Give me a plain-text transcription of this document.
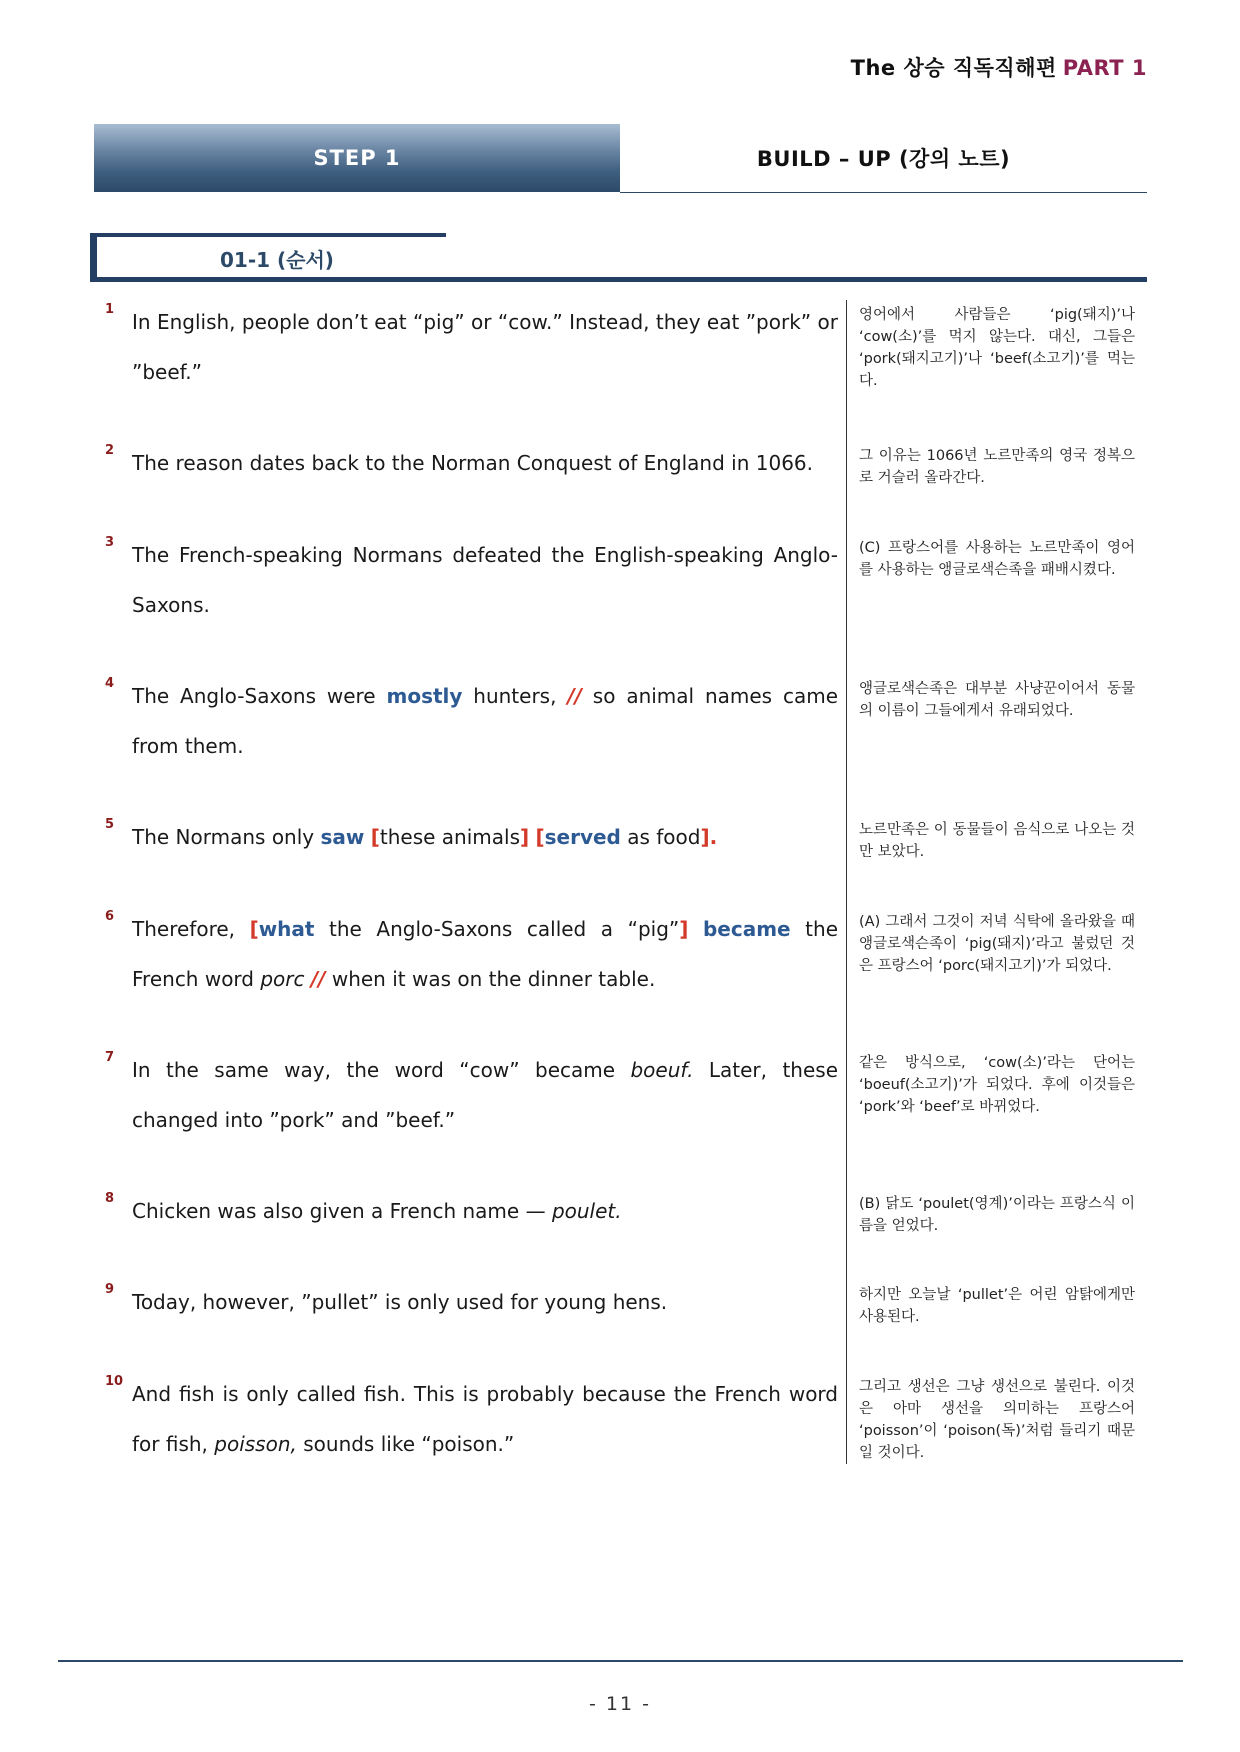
The 상승 직독직해편 PART 1
STEP 1	BUILD – UP (강의 노트)
01-1 (순서)
1
In English, people don’t eat “pig” or “cow.” Instead, they eat ”pork” or ”beef.”
영어에서 사람들은 ‘pig(돼지)’나 ‘cow(소)’를 먹지 않는다. 대신, 그들은 ‘pork(돼지고기)’나 ‘beef(소고기)’를 먹는다.
2
The reason dates back to the Norman Conquest of England in 1066.	그 이유는 1066년 노르만족의 영국 정복으로 거슬러 올라간다.
3
The French-speaking Normans defeated the English-speaking Anglo-Saxons.
(C) 프랑스어를 사용하는 노르만족이 영어를 사용하는 앵글로색슨족을 패배시켰다.
4
The Anglo-Saxons were mostly hunters, // so animal names came from them.
앵글로색슨족은 대부분 사냥꾼이어서 동물의 이름이 그들에게서 유래되었다.
5
The Normans only saw [these animals] [served as food].	노르만족은 이 동물들이 음식으로 나오는 것만 보았다.
6
Therefore, [what the Anglo-Saxons called a “pig”] became the French word porc // when it was on the dinner table.
(A) 그래서 그것이 저녁 식탁에 올라왔을 때 앵글로색슨족이 ‘pig(돼지)’라고 불렀던 것은 프랑스어 ‘porc(돼지고기)’가 되었다.
7
In the same way, the word “cow” became boeuf. Later, these changed into ”pork” and ”beef.”
같은 방식으로, ‘cow(소)’라는 단어는 ‘boeuf(소고기)’가 되었다. 후에 이것들은 ‘pork’와 ‘beef’로 바뀌었다.
8
Chicken was also given a French name — poulet.	(B) 닭도 ‘poulet(영계)’이라는 프랑스식 이름을 얻었다.
9
Today, however, ”pullet” is only used for young hens.	하지만 오늘날 ‘pullet’은 어린 암탉에게만 사용된다.
10
And fish is only called fish. This is probably because the French word for fish, poisson, sounds like “poison.”
그리고 생선은 그냥 생선으로 불린다. 이것은 아마 생선을 의미하는 프랑스어 ‘poisson’이 ‘poison(독)’처럼 들리기 때문일 것이다.
- 11 -
